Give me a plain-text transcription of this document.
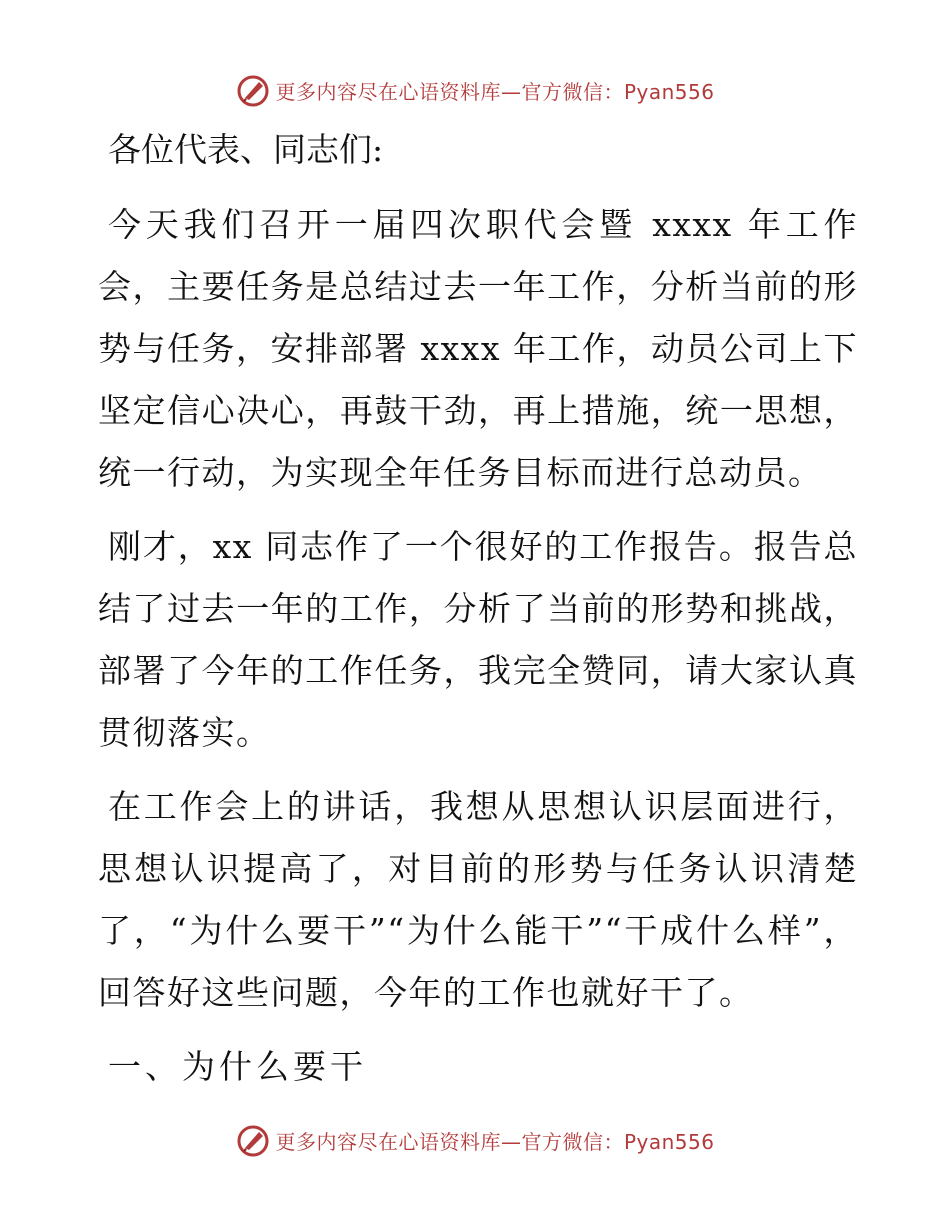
更多内容尽在心语资料库—官方微信：Pyan556

各位代表、同志们:

今天我们召开一届四次职代会暨 xxxx 年工作会，主要任务是总结过去一年工作，分析当前的形势与任务，安排部署 xxxx 年工作，动员公司上下坚定信心决心，再鼓干劲，再上措施，统一思想，统一行动，为实现全年任务目标而进行总动员。

刚才，xx 同志作了一个很好的工作报告。报告总结了过去一年的工作，分析了当前的形势和挑战，部署了今年的工作任务，我完全赞同，请大家认真贯彻落实。

在工作会上的讲话，我想从思想认识层面进行，思想认识提高了，对目前的形势与任务认识清楚了，“为什么要干”“为什么能干”“干成什么样”，回答好这些问题，今年的工作也就好干了。

一、为什么要干

更多内容尽在心语资料库—官方微信：Pyan556
